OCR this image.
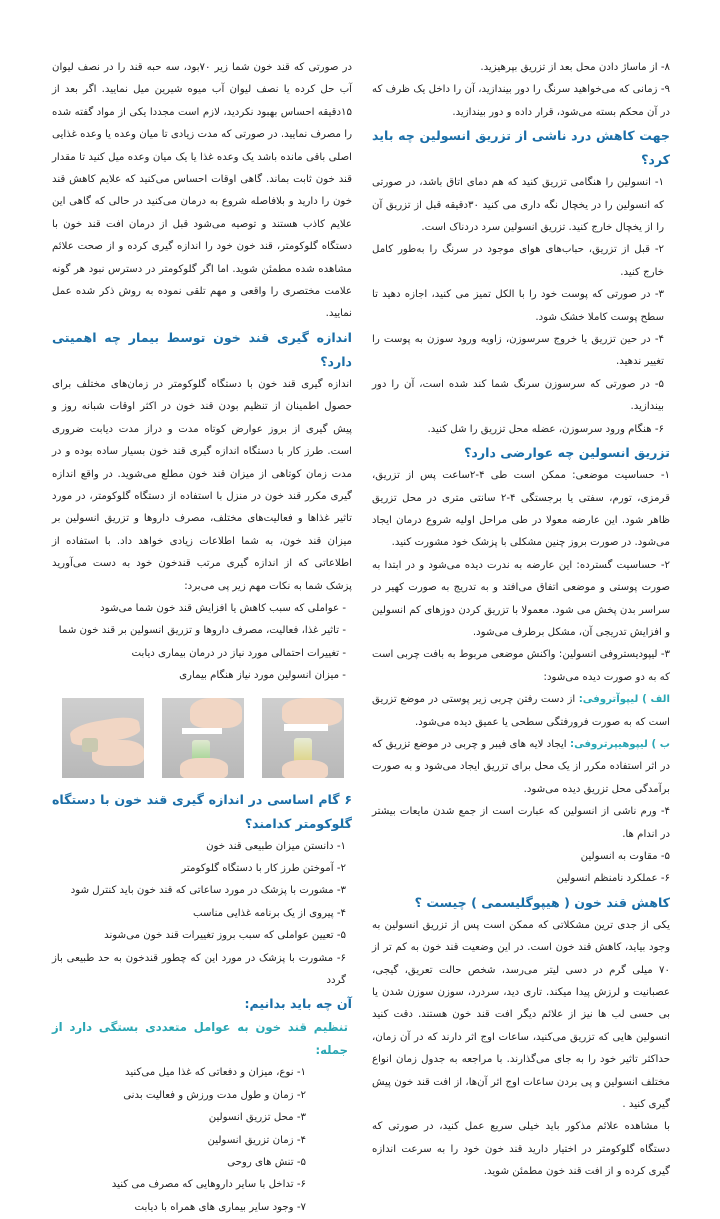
۸- از ماساژ دادن محل بعد از تزریق بپرهیزید.

۹- زمانی که می‌خواهید سرنگ را دور بیندازید، آن را داخل یک ظرف که در آن محکم بسته می‌شود، قرار داده و دور بیندازید.

جهت کاهش درد ناشی از تزریق انسولین چه باید کرد؟

۱- انسولین را هنگامی تزریق کنید که هم دمای اتاق باشد، در صورتی که انسولین را در یخچال نگه داری می کنید ۳۰دقیقه قبل از تزریق آن را از یخچال خارج کنید. تزریق انسولین سرد دردناک است.

۲- قبل از تزریق، حباب‌های هوای موجود در سرنگ را به‌طور کامل خارج کنید.

۳- در صورتی که پوست خود را با الکل تمیز می کنید، اجازه دهید تا سطح پوست کاملا خشک شود.

۴- در حین تزریق یا خروج سرسوزن، زاویه ورود سوزن به پوست را تغییر ندهید.

۵- در صورتی که سرسوزن سرنگ شما کند شده است، آن را دور بیندازید.

۶- هنگام ورود سرسوزن، عضله محل تزریق را شل کنید.

تزریق انسولین چه عوارضی دارد؟

۱- حساسیت موضعی: ممکن است طی ۴-۲ساعت پس از تزریق، قرمزی، تورم، سفتی یا برجستگی ۴-۲ سانتی متری در محل تزریق ظاهر شود. این عارضه معولا در طی مراحل اولیه شروع درمان ایجاد می‌شود. در صورت بروز چنین مشکلی با پزشک خود مشورت کنید.

۲- حساسیت گسترده: این عارضه به ندرت دیده می‌شود و در ابتدا به صورت پوستی و موضعی اتفاق می‌افتد و به تدریج به صورت کهیر در سراسر بدن پخش می شود. معمولا با تزریق کردن دوزهای کم انسولین و افزایش تدریجی آن، مشکل برطرف می‌شود.

۳- لیپودیستروفی انسولین: واکنش موضعی مربوط به بافت چربی است که به دو صورت دیده می‌شود:

الف ) لیپوآتروفی: از دست رفتن چربی زیر پوستی در موضع تزریق است که به صورت فرورفتگی سطحی یا عمیق دیده می‌شود.

ب ) لیپوهیپرتروفی: ایجاد لایه های فیبر و چربی در موضع تزریق که در اثر استفاده مکرر از یک محل برای تزریق ایجاد می‌شود و به صورت برآمدگی محل تزریق دیده می‌شود.

۴- ورم ناشی از انسولین که عبارت است از جمع شدن مایعات بیشتر در اندام ها.

۵- مقاوت به انسولین

۶- عملکرد نامنظم انسولین

کاهش قند خون ( هیپوگلیسمی ) چیست ؟

یکی از جدی ترین مشکلاتی که ممکن است پس از تزریق انسولین به وجود بیاید، کاهش قند خون است. در این وضعیت قند خون به کم تر از ۷۰ میلی گرم در دسی لیتر می‌رسد، شخص حالت تعریق، گیجی، عصبانیت و لرزش پیدا میکند. تاری دید، سردرد، سوزن سوزن شدن یا بی حسی لب ها نیز از علائم دیگر افت قند خون هستند. دقت کنید انسولین هایی که تزریق می‌کنید، ساعات اوج اثر دارند که در آن زمان، حداکثر تاثیر خود را به جای می‌گذارند. با مراجعه به جدول زمان انواع مختلف انسولین و پی بردن ساعات اوج اثر آن‌ها، از افت قند خون پیش گیری کنید .

با مشاهده علائم مذکور باید خیلی سریع عمل کنید، در صورتی که دستگاه گلوکومتر در اختیار دارید قند خون خود را به سرعت اندازه گیری کرده و از افت قند خون مطمئن شوید.

در صورتی که قند خون شما زیر ۷۰بود، سه حبه قند را در نصف لیوان آب حل کرده یا نصف لیوان آب میوه شیرین میل نمایید. اگر بعد از ۱۵دقیقه احساس بهبود نکردید، لازم است مجددا یکی از مواد گفته شده را مصرف نمایید. در صورتی که مدت زیادی تا میان وعده یا وعده غذایی اصلی باقی مانده باشد یک وعده غذا یا یک میان وعده میل کنید تا مقدار قند خون ثابت بماند. گاهی اوقات احساس می‌کنید که علایم کاهش قند خون را دارید و بلافاصله شروع به درمان می‌کنید در حالی که گاهی این علایم کاذب هستند و توصیه می‌شود قبل از درمان افت قند خون با دستگاه گلوکومتر، قند خون خود را اندازه گیری کرده و از صحت علائم مشاهده شده مطمئن شوید. اما اگر گلوکومتر در دسترس نبود هر گونه علامت مختصری را واقعی و مهم تلقی نموده به روش ذکر شده عمل نمایید.

اندازه گیری قند خون توسط بیمار چه اهمیتی دارد؟

اندازه گیری قند خون با دستگاه گلوکومتر در زمان‌های مختلف برای حصول اطمینان از تنظیم بودن قند خون در اکثر اوقات شبانه روز و پیش گیری از بروز عوارض کوتاه مدت و دراز مدت دیابت ضروری است. طرز کار با دستگاه اندازه گیری قند خون بسیار ساده بوده و در مدت زمان کوتاهی از میزان قند خون مطلع می‌شوید. در واقع اندازه گیری مکرر قند خون در منزل با استفاده از دستگاه گلوکومتر، در مورد تاثیر غذاها و فعالیت‌های مختلف، مصرف داروها و تزریق انسولین بر میزان قند خون، به شما اطلاعات زیادی خواهد داد. با استفاده از اطلاعاتی که از اندازه گیری مرتب قندخون خود به دست می‌آورید پزشک شما به نکات مهم زیر پی می‌برد:

- عواملی که سبب کاهش یا افزایش قند خون شما می‌شود

- تاثیر غذا، فعالیت، مصرف داروها و تزریق انسولین بر قند خون شما

- تغییرات احتمالی مورد نیاز در درمان بیماری دیابت

- میزان انسولین مورد نیاز هنگام بیماری

۶ گام اساسی در اندازه گیری قند خون با دستگاه گلوکومتر کدامند؟

۱- دانستن میزان طبیعی قند خون

۲- آموختن طرز کار با دستگاه گلوکومتر

۳- مشورت با پزشک در مورد ساعاتی که قند خون باید کنترل شود

۴- پیروی از یک برنامه غذایی مناسب

۵- تعیین عواملی که سبب بروز تغییرات قند خون می‌شوند

۶- مشورت با پزشک در مورد این که چطور قندخون به حد طبیعی باز گردد

آن چه باید بدانیم:
تنظیم قند خون به عوامل متعددی بستگی دارد از جمله:

۱- نوع، میزان و دفعاتی که غذا میل می‌کنید

۲- زمان و طول مدت ورزش و فعالیت بدنی

۳- محل تزریق انسولین

۴- زمان تزریق انسولین

۵- تنش های روحی

۶- تداخل با سایر داروهایی که مصرف می کنید

۷- وجود سایر بیماری های همراه با دیابت
